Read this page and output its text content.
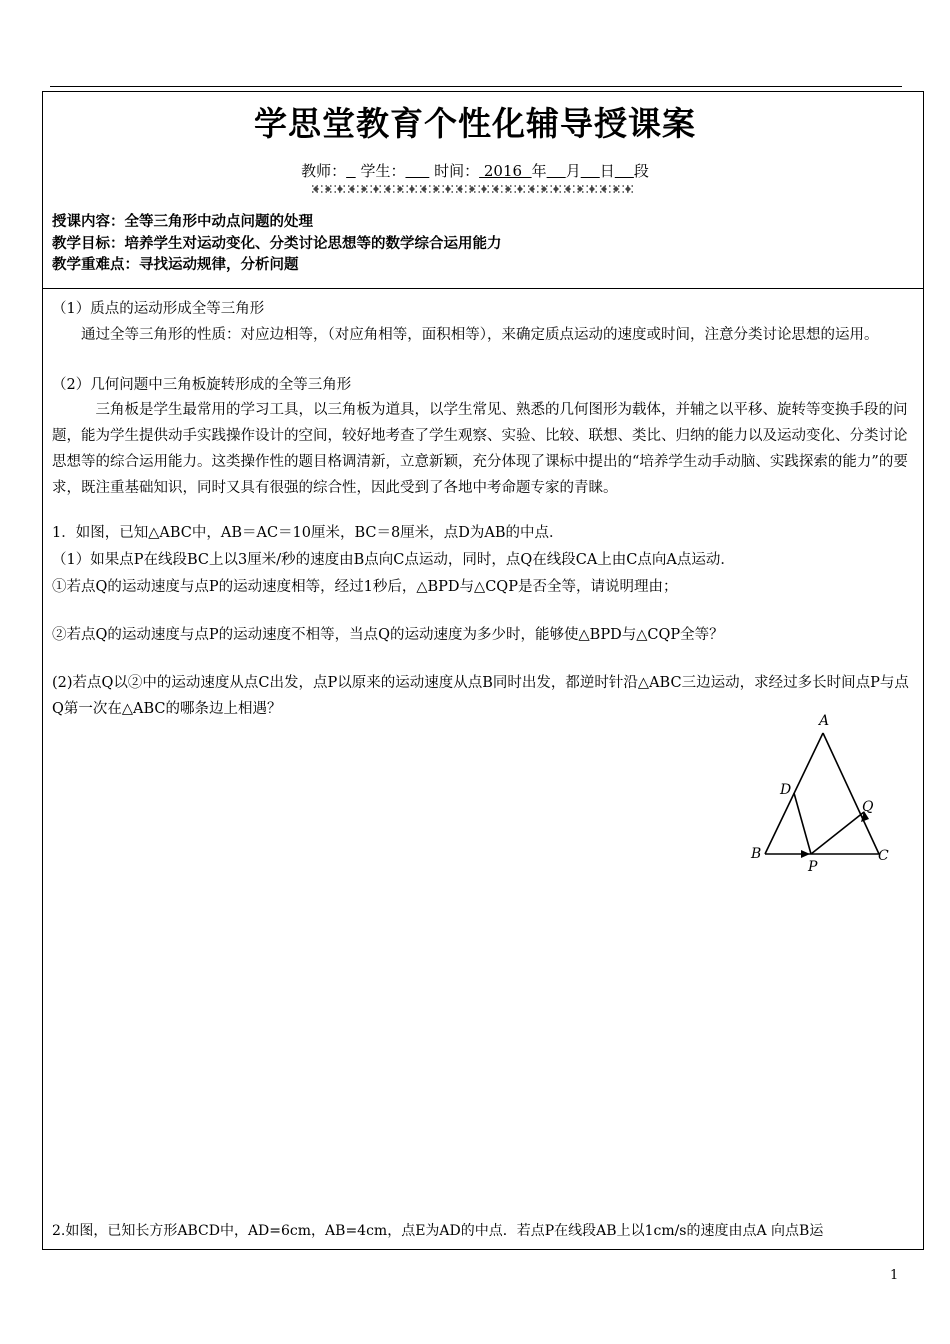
学思堂教育个性化辅导授课案
教师： 学生： 时间： 2016  年 月 日 段
授课内容：全等三角形中动点问题的处理
教学目标：培养学生对运动变化、分类讨论思想等的数学综合运用能力
教学重难点：寻找运动规律，分析问题
（1）质点的运动形成全等三角形
通过全等三角形的性质：对应边相等，（对应角相等，面积相等），来确定质点运动的速度或时间，注意分类讨论思想的运用。
（2）几何问题中三角板旋转形成的全等三角形
三角板是学生最常用的学习工具，以三角板为道具，以学生常见、熟悉的几何图形为载体，并辅之以平移、旋转等变换手段的问题，能为学生提供动手实践操作设计的空间，较好地考查了学生观察、实验、比较、联想、类比、归纳的能力以及运动变化、分类讨论思想等的综合运用能力。这类操作性的题目格调清新，立意新颖，充分体现了课标中提出的“培养学生动手动脑、实践探索的能力”的要求，既注重基础知识，同时又具有很强的综合性，因此受到了各地中考命题专家的青睐。
1．如图，已知△ABC中，AB＝AC＝10厘米，BC＝8厘米，点D为AB的中点．
（1）如果点P在线段BC上以3厘米/秒的速度由B点向C点运动，同时，点Q在线段CA上由C点向A点运动．
①若点Q的运动速度与点P的运动速度相等，经过1秒后，△BPD与△CQP是否全等，请说明理由；
②若点Q的运动速度与点P的运动速度不相等，当点Q的运动速度为多少时，能够使△BPD与△CQP全等？
(2)若点Q以②中的运动速度从点C出发，点P以原来的运动速度从点B同时出发，都逆时针沿△ABC三边运动，求经过多长时间点P与点Q第一次在△ABC的哪条边上相遇？
A
B	C
D
P
Q
2.如图，已知长方形ABCD中，AD=6cm，AB=4cm，点E为AD的中点．若点P在线段AB上以1cm/s的速度由点A 向点B运
1
